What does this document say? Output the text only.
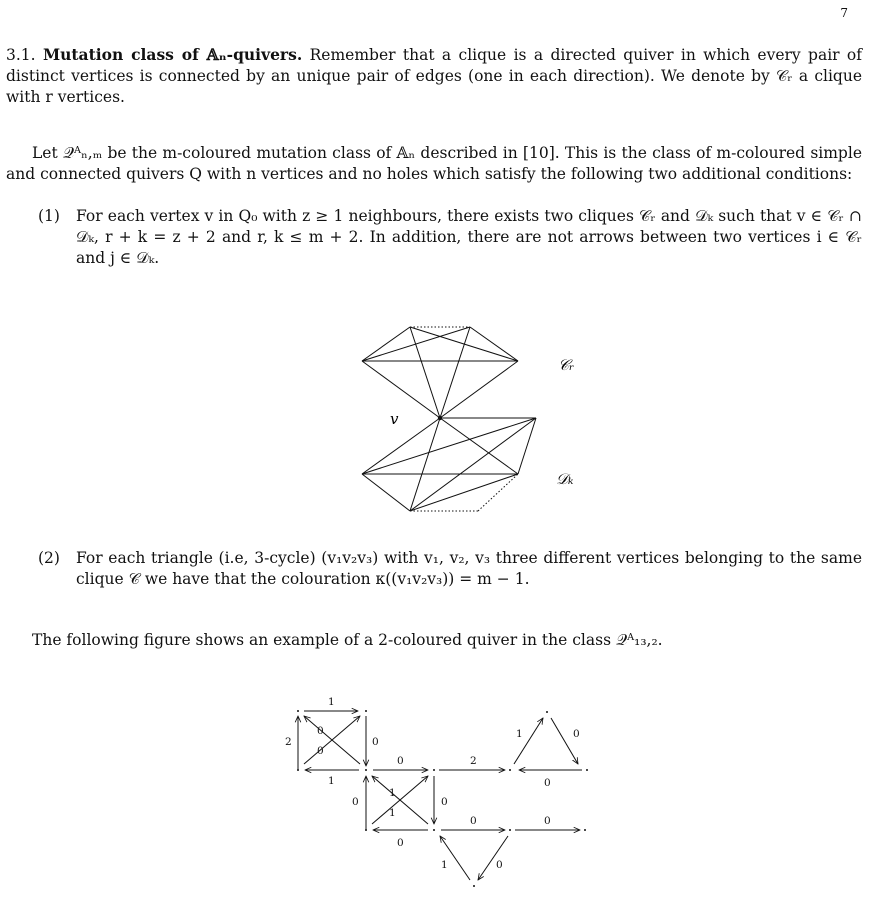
7
3.1. Mutation class of 𝔸ₙ-quivers. Remember that a clique is a directed quiver in which every pair of distinct vertices is connected by an unique pair of edges (one in each direction). We denote by 𝒞ᵣ a clique with r vertices.
Let 𝒬ᴬₙ,ₘ be the m-coloured mutation class of 𝔸ₙ described in [10]. This is the class of m-coloured simple and connected quivers Q with n vertices and no holes which satisfy the following two additional conditions:
(1) For each vertex v in Q₀ with z ≥ 1 neighbours, there exists two cliques 𝒞ᵣ and 𝒟ₖ such that v ∈ 𝒞ᵣ ∩ 𝒟ₖ, r + k = z + 2 and r, k ≤ m + 2. In addition, there are not arrows between two vertices i ∈ 𝒞ᵣ and j ∈ 𝒟ₖ.
𝒞ᵣ
𝒟ₖ
v
(2) For each triangle (i.e, 3-cycle) (v₁v₂v₃) with v₁, v₂, v₃ three different vertices belonging to the same clique 𝒞 we have that the colouration κ((v₁v₂v₃)) = m − 1.
The following figure shows an example of a 2-coloured quiver in the class 𝒬ᴬ₁₃,₂.
1
2
0
0
0
1
0	2
1	0
0
0
1
1
0
0
0	0
1	0
